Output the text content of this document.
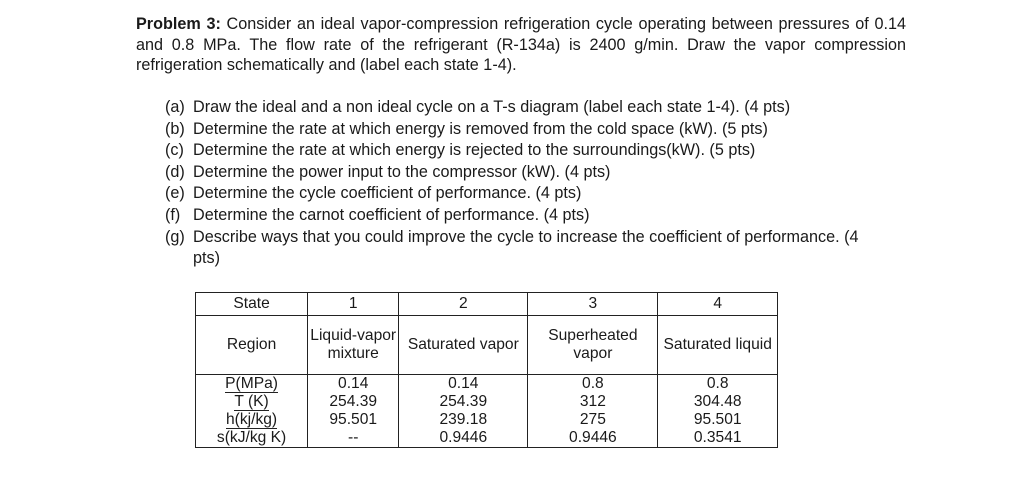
Problem 3: Consider an ideal vapor-compression refrigeration cycle operating between pressures of 0.14 and 0.8 MPa. The flow rate of the refrigerant (R-134a) is 2400 g/min. Draw the vapor compression refrigeration schematically and (label each state 1-4).
(a) Draw the ideal and a non ideal cycle on a T-s diagram (label each state 1-4). (4 pts)
(b) Determine the rate at which energy is removed from the cold space (kW). (5 pts)
(c) Determine the rate at which energy is rejected to the surroundings(kW). (5 pts)
(d) Determine the power input to the compressor (kW). (4 pts)
(e) Determine the cycle coefficient of performance. (4 pts)
(f) Determine the carnot coefficient of performance. (4 pts)
(g) Describe ways that you could improve the cycle to increase the coefficient of performance. (4 pts)
State	1	2	3	4
Region	Liquid-vapor mixture	Saturated vapor	Superheated vapor	Saturated liquid
P(MPa)	0.14	0.14	0.8	0.8
T (K)	254.39	254.39	312	304.48
h(kj/kg)	95.501	239.18	275	95.501
s(kJ/kg K)	--	0.9446	0.9446	0.3541
